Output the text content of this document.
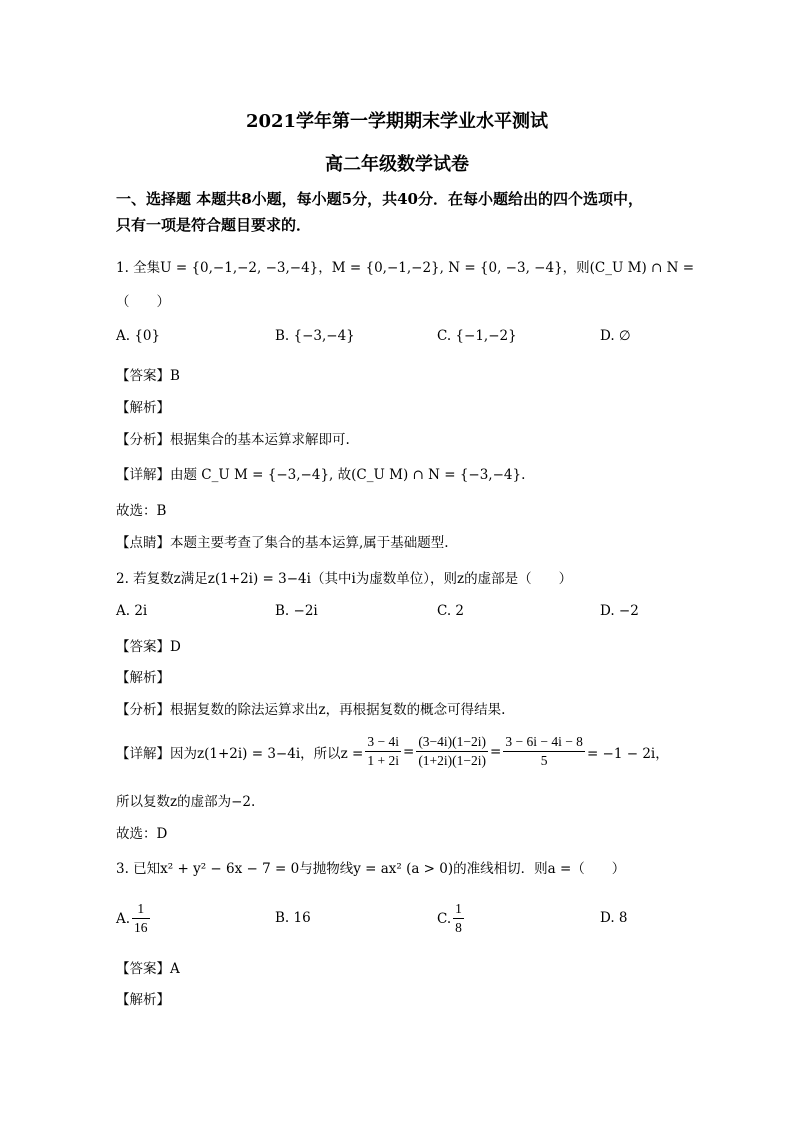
2021学年第一学期期末学业水平测试
高二年级数学试卷
一、选择题 本题共8小题，每小题5分，共40分．在每小题给出的四个选项中，
只有一项是符合题目要求的．
1. 全集U = {0,−1,−2, −3,−4}，M = {0,−1,−2}, N = {0, −3, −4}，则(C_U M) ∩ N =
（　　）
A. {0}	B. {−3,−4}	C. {−1,−2}	D. ∅
【答案】B
【解析】
【分析】根据集合的基本运算求解即可.
【详解】由题 C_U M = {−3,−4}, 故(C_U M) ∩ N = {−3,−4}.
故选：B
【点睛】本题主要考查了集合的基本运算,属于基础题型.
2. 若复数z满足z(1+2i) = 3−4i（其中i为虚数单位），则z的虚部是（　　）
A. 2i	B. −2i	C. 2	D. −2
【答案】D
【解析】
【分析】根据复数的除法运算求出z，再根据复数的概念可得结果.
【详解】因为z(1+2i) = 3−4i，所以$z = \frac{3 - 4i}{1 + 2i} = \frac{(3-4i)(1-2i)}{(1+2i)(1-2i)} = \frac{3 - 6i - 4i - 8}{5} = -1 - 2i$，
所以复数z的虚部为−2.
故选：D
3. 已知x² + y² − 6x − 7 = 0与抛物线y = ax² (a > 0)的准线相切．则a =（　　）
A. $\frac{1}{16}$	B. 16	C. $\frac{1}{8}$	D. 8
【答案】A
【解析】
